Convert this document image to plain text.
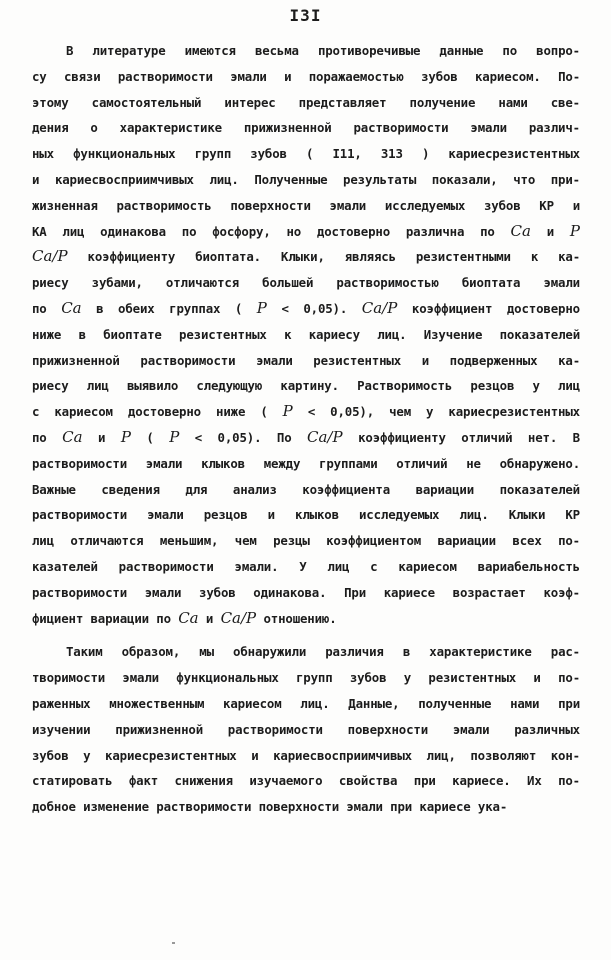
I3I
В литературе имеются весьма противоречивые данные по вопро-
су связи растворимости эмали и поражаемостью зубов кариесом. По-
этому самостоятельный интерес представляет получение нами све-
дения о характеристике прижизненной растворимости эмали различ-
ных функциональных групп зубов ( I11, 313 ) кариесрезистентных
и кариесвосприимчивых лиц. Полученные результаты показали, что при-
жизненная растворимость поверхности эмали исследуемых зубов КР и
КА лиц одинакова по фосфору, но достоверно различна по Ca и P
Ca/P коэффициенту биоптата. Клыки, являясь резистентными к ка-
риесу зубами, отличаются большей растворимостью биоптата эмали
по Ca в обеих группах ( P < 0,05). Ca/P коэффициент достоверно
ниже в биоптате резистентных к кариесу лиц. Изучение показателей
прижизненной растворимости эмали резистентных и подверженных ка-
риесу лиц выявило следующую картину. Растворимость резцов у лиц
с кариесом достоверно ниже ( P < 0,05), чем у кариесрезистентных
по Ca и P ( P < 0,05). По Ca/P коэффициенту отличий нет. В
растворимости эмали клыков между группами отличий не обнаружено.
Важные сведения для анализ коэффициента вариации показателей
растворимости эмали резцов и клыков исследуемых лиц. Клыки КР
лиц отличаются меньшим, чем резцы коэффициентом вариации всех по-
казателей растворимости эмали. У лиц с кариесом вариабельность
растворимости эмали зубов одинакова. При кариесе возрастает коэф-
фициент вариации по Ca и Ca/P отношению.
Таким образом, мы обнаружили различия в характеристике рас-
творимости эмали функциональных групп зубов у резистентных и по-
раженных множественным кариесом лиц. Данные, полученные нами при
изучении прижизненной растворимости поверхности эмали различных
зубов у кариесрезистентных и кариесвосприимчивых лиц, позволяют кон-
статировать факт снижения изучаемого свойства при кариесе. Их по-
добное изменение растворимости поверхности эмали при кариесе ука-
